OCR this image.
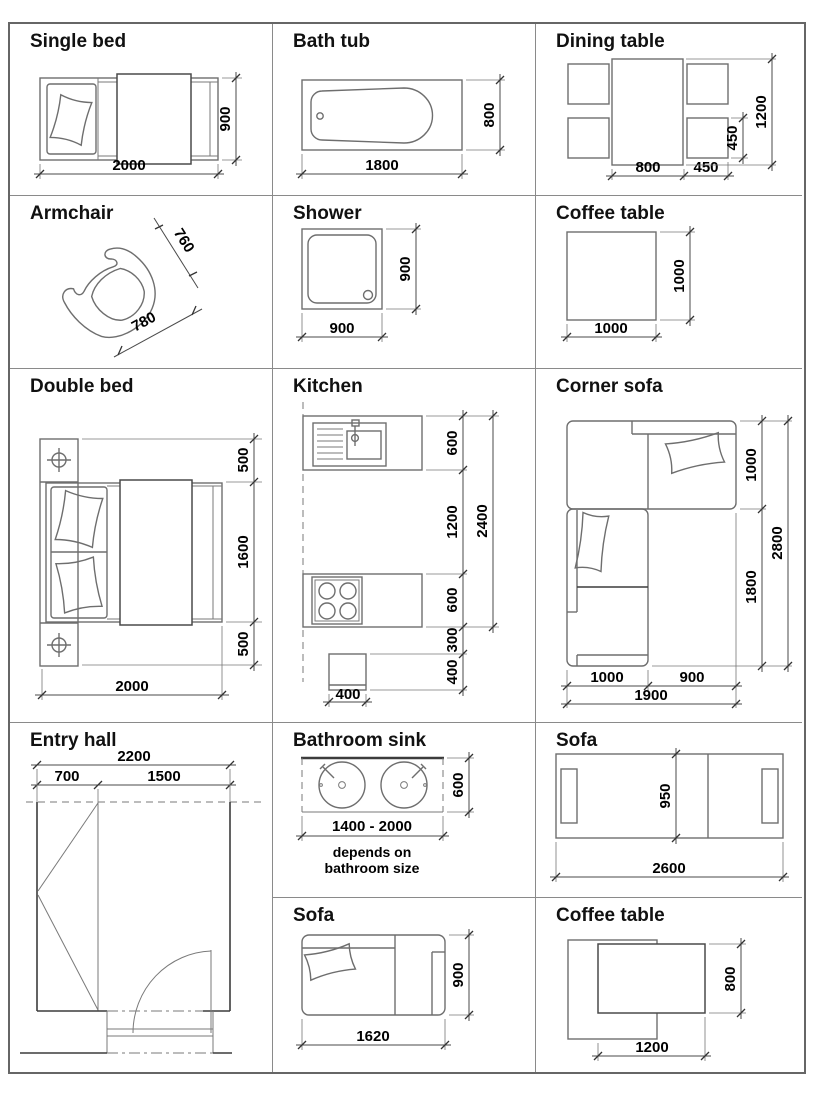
Single bed
2000
900
Bath tub
1800
800
Dining table
800 450
450
1200
Armchair
760
780
Shower
900
900
Coffee table
1000
1000
Double bed
500
1600
500
2000
Kitchen
400
600
1200
600
300
400
2400
Corner sofa
1000
1800
2800
1000	900
1900
Entry hall
2200
700	1500
Bathroom sink
600
1400 - 2000
depends on
bathroom size
Sofa
950
2600
Sofa
900
1620
Coffee table
800
1200
